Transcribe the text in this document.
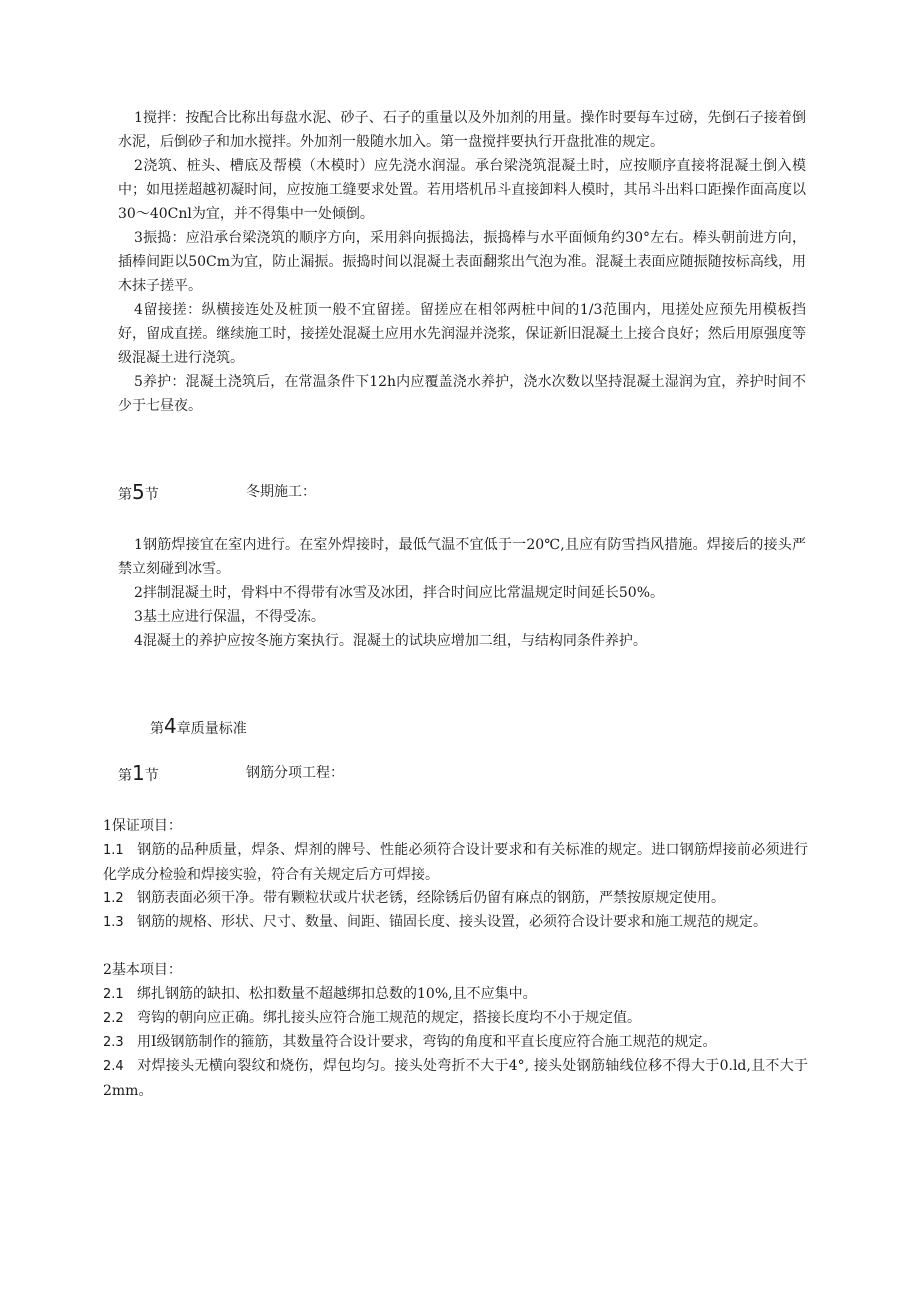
1搅拌：按配合比称出每盘水泥、砂子、石子的重量以及外加剂的用量。操作时要每车过磅，先倒石子接着倒水泥，后倒砂子和加水搅拌。外加剂一般随水加入。第一盘搅拌要执行开盘批准的规定。

2浇筑、桩头、槽底及帮模（木模时）应先浇水润湿。承台梁浇筑混凝土时，应按顺序直接将混凝土倒入模中；如甩搓超越初凝时间，应按施工缝要求处置。若用塔机吊斗直接卸料人模时，其吊斗出料口距操作面高度以30～40Cnl为宜，并不得集中一处倾倒。

3振捣：应沿承台梁浇筑的顺序方向，采用斜向振捣法，振捣棒与水平面倾角约30°左右。棒头朝前进方向，插棒间距以50Cm为宜，防止漏振。振捣时间以混凝土表面翻浆出气泡为准。混凝土表面应随振随按标高线，用木抹子搓平。

4留接搓：纵横接连处及桩顶一般不宜留搓。留搓应在相邻两桩中间的1/3范围内，甩搓处应预先用模板挡好，留成直搓。继续施工时，接搓处混凝土应用水先润湿并浇浆，保证新旧混凝土上接合良好；然后用原强度等级混凝土进行浇筑。

5养护：混凝土浇筑后，在常温条件下12h内应覆盖浇水养护，浇水次数以坚持混凝土湿润为宜，养护时间不少于七昼夜。

第5节	冬期施工：

1钢筋焊接宜在室内进行。在室外焊接时，最低气温不宜低于一20℃,且应有防雪挡风措施。焊接后的接头严禁立刻碰到冰雪。

2拌制混凝土时，骨料中不得带有冰雪及冰团，拌合时间应比常温规定时间延长50%。

3基土应进行保温，不得受冻。

4混凝土的养护应按冬施方案执行。混凝土的试块应增加二组，与结构同条件养护。

第4章质量标准
第1节	钢筋分项工程：

1保证项目：

1.1 钢筋的品种质量，焊条、焊剂的牌号、性能必须符合设计要求和有关标准的规定。进口钢筋焊接前必须进行化学成分检验和焊接实验，符合有关规定后方可焊接。

1.2 钢筋表面必须干净。带有颗粒状或片状老锈，经除锈后仍留有麻点的钢筋，严禁按原规定使用。

1.3 钢筋的规格、形状、尺寸、数量、间距、锚固长度、接头设置，必须符合设计要求和施工规范的规定。

2基本项目：

2.1 绑扎钢筋的缺扣、松扣数量不超越绑扣总数的10%,且不应集中。

2.2 弯钩的朝向应正确。绑扎接头应符合施工规范的规定，搭接长度均不小于规定值。

2.3 用I级钢筋制作的箍筋，其数量符合设计要求，弯钩的角度和平直长度应符合施工规范的规定。

2.4 对焊接头无横向裂纹和烧伤，焊包均匀。接头处弯折不大于4°, 接头处钢筋轴线位移不得大于0.ld,且不大于2mm。
